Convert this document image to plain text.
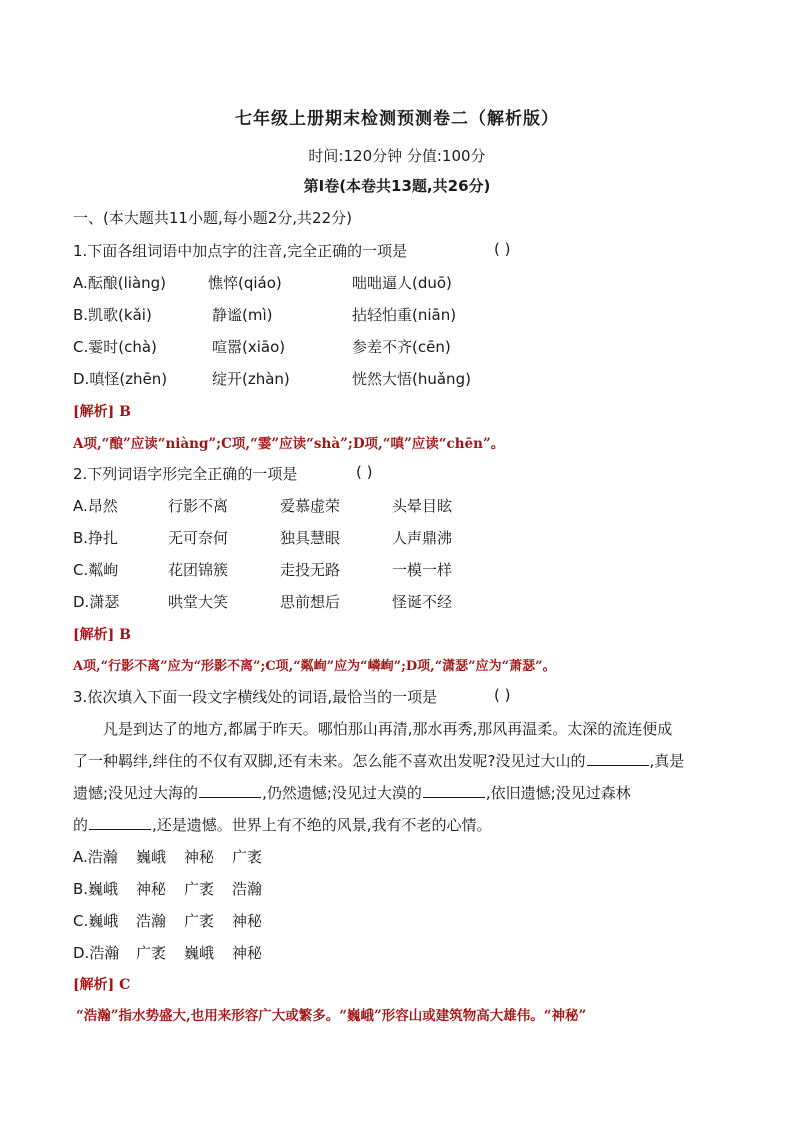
七年级上册期末检测预测卷二（解析版）
时间:120分钟 分值:100分
第Ⅰ卷(本卷共13题,共26分)
一、(本大题共11小题,每小题2分,共22分)
1.下面各组词语中加点字的注音,完全正确的一项是	( )
A.酝酿(liàng)	憔悴(qiáo)	咄咄逼人(duō)
B.凯歌(kǎi)	静谧(mì)	拈轻怕重(niān)
C.霎时(chà)	喧嚣(xiāo)	参差不齐(cēn)
D.嗔怪(zhēn)	绽开(zhàn)	恍然大悟(huǎng)
[解析] B
A项,“酿”应读“niàng”;C项,“霎”应读“shà”;D项,“嗔”应读“chēn”。
2.下列词语字形完全正确的一项是	( )
A.昂然	行影不离	爱慕虚荣	头晕目眩
B.挣扎	无可奈何	独具慧眼	人声鼎沸
C.粼峋	花团锦簇	走投无路	一模一样
D.潇瑟	哄堂大笑	思前想后	怪诞不经
[解析] B
A项,“行影不离”应为“形影不离”;C项,“粼峋”应为“嶙峋”;D项,“潇瑟”应为“萧瑟”。
3.依次填入下面一段文字横线处的词语,最恰当的一项是	( )
凡是到达了的地方,都属于昨天。哪怕那山再清,那水再秀,那风再温柔。太深的流连便成
了一种羁绊,绊住的不仅有双脚,还有未来。怎么能不喜欢出发呢?没见过大山的	,真是
遗憾;没见过大海的	,仍然遗憾;没见过大漠的	,依旧遗憾;没见过森林
的	,还是遗憾。世界上有不绝的风景,我有不老的心情。
A.浩瀚 巍峨 神秘 广袤
B.巍峨 神秘 广袤 浩瀚
C.巍峨 浩瀚 广袤 神秘
D.浩瀚 广袤 巍峨 神秘
[解析] C
“浩瀚”指水势盛大,也用来形容广大或繁多。“巍峨”形容山或建筑物高大雄伟。“神秘”
